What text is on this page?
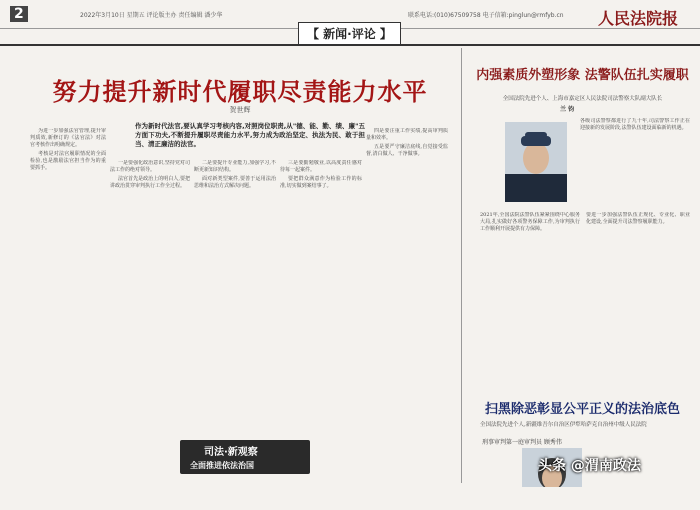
2	2022年3月10日 星期五 评论版主办 责任编辑 潘少华
【 新闻·评论 】
联系电话:(010)67509758 电子信箱:pinglun@rmfyb.cn 人民法院报
努力提升新时代履职尽责能力水平
贺世辉
作为新时代法官,要认真学习考核内容,对照岗位职责,从"德、能、勤、绩、廉"五方面下功夫,不断提升履职尽责能力水平,努力成为政治坚定、执法为民、敢于担当、清正廉洁的法官。

为进一步加强法官管理,提升审判质效,新修订的《法官法》对法官考核作出明确规定。

考核是对法官履职情况的全面检验,也是激励法官担当作为的重要抓手。

一是要强化政治意识,坚持党对司法工作的绝对领导。

法官首先是政治上的明白人,要把讲政治贯穿审判执行工作全过程。

二是要提升专业能力,加强学习,不断更新知识结构。

面对新类型案件,要善于运用法治思维和法治方式解决问题。

三是要勤勉敬业,以高度责任感对待每一起案件。

要把群众满意作为检验工作的标准,切实做到案结事了。

四是要注重工作实绩,提高审判质量和效率。

五是要严守廉洁底线,自觉接受监督,清白做人、干净做事。

司法·新观察
全面推进依法治国
内强素质外塑形象 法警队伍扎实履职
全国法院先进个人、上海市嘉定区人民法院司法警察大队副大队长
兰 钧
各级司法警察都进行了九十年,司法警察工作正在迎接新的发展阶段,法警队伍建设面临新的机遇。
2021年,全国法院法警队伍紧紧围绕中心服务大局,扎实做好各项警务保障工作,为审判执行工作顺利开展提供有力保障。
要进一步加强法警队伍正规化、专业化、职业化建设,全面提升司法警察履职能力。
扫黑除恶彰显公平正义的法治底色
全国法院先进个人,新疆维吾尔自治区伊犁哈萨克自治州中级人民法院
刑事审判第一庭审判员 顾秀伟
头条 @渭南政法
